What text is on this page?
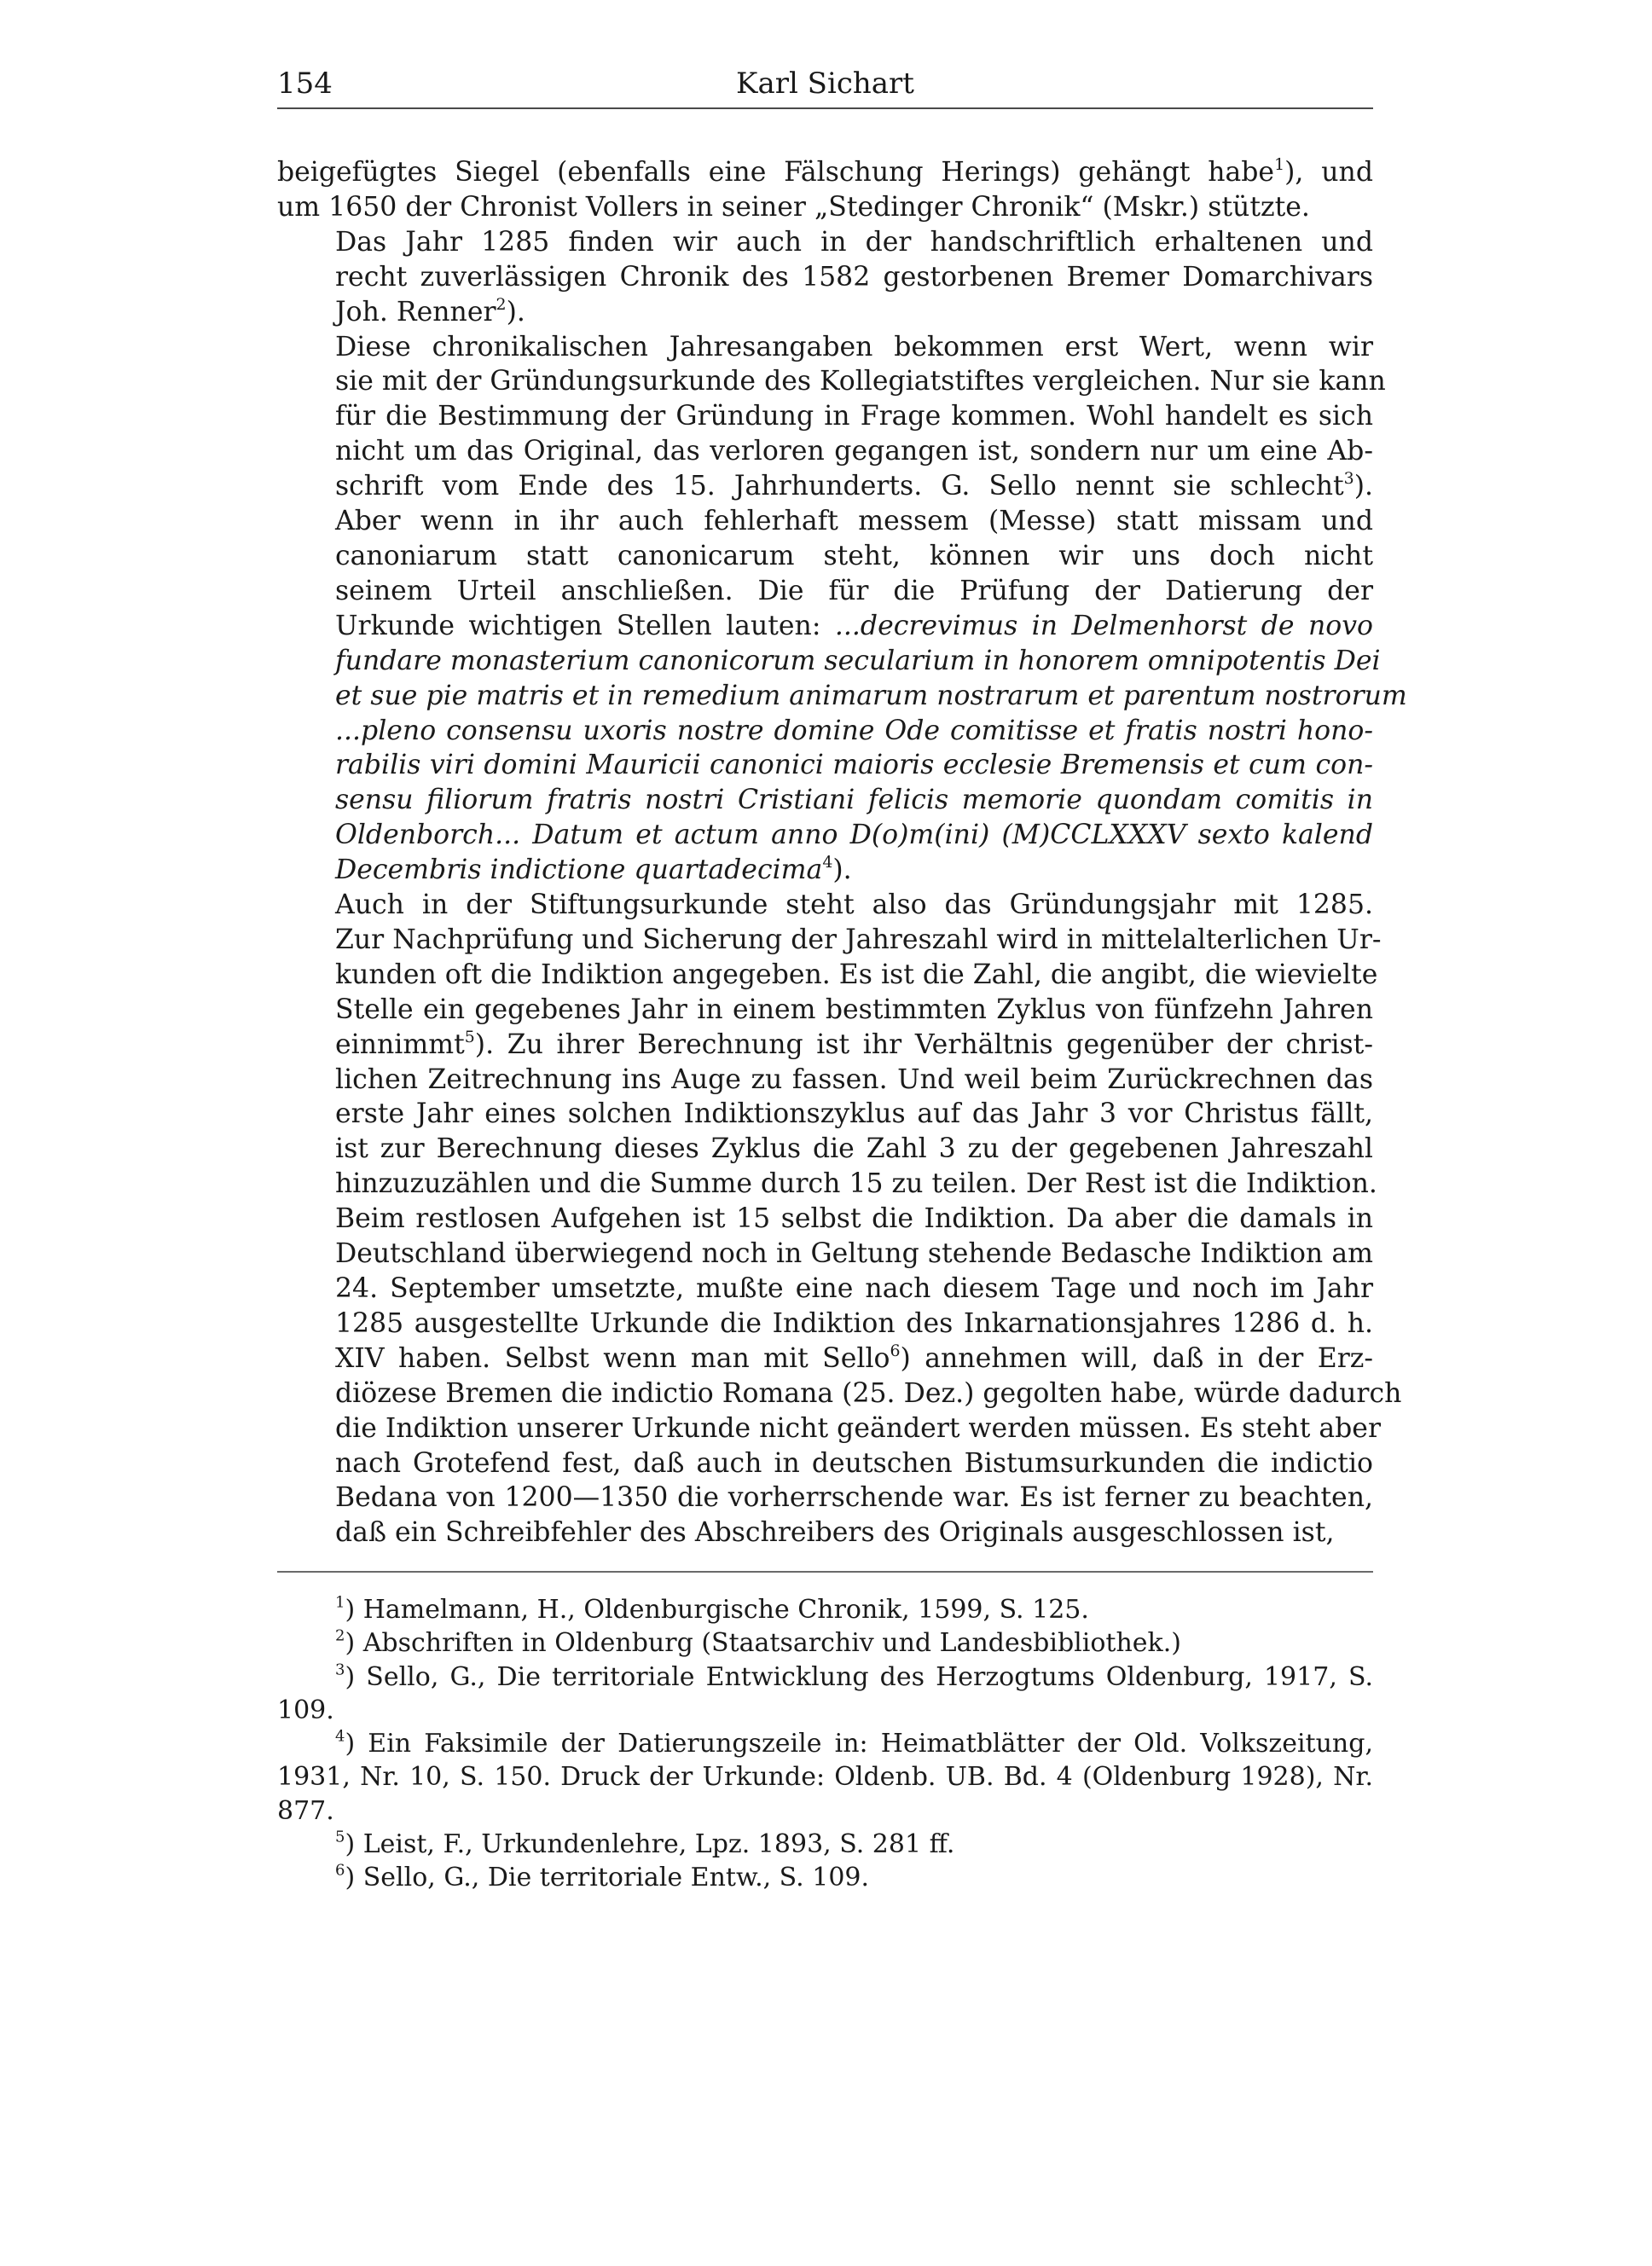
154	Karl Sichart

beigefügtes Siegel (ebenfalls eine Fälschung Herings) gehängt habe$^1$), und
um 1650 der Chronist Vollers in seiner „Stedinger Chronik“ (Mskr.) stützte.

Das Jahr 1285 finden wir auch in der handschriftlich erhaltenen und
recht zuverlässigen Chronik des 1582 gestorbenen Bremer Domarchivars
Joh. Renner$^2$).

Diese chronikalischen Jahresangaben bekommen erst Wert, wenn wir
sie mit der Gründungsurkunde des Kollegiatstiftes vergleichen. Nur sie kann
für die Bestimmung der Gründung in Frage kommen. Wohl handelt es sich
nicht um das Original, das verloren gegangen ist, sondern nur um eine Ab-
schrift vom Ende des 15. Jahrhunderts. G. Sello nennt sie schlecht$^3$).
Aber wenn in ihr auch fehlerhaft messem (Messe) statt missam und
canoniarum statt canonicarum steht, können wir uns doch nicht
seinem Urteil anschließen. Die für die Prüfung der Datierung der
Urkunde wichtigen Stellen lauten: ...decrevimus in Delmenhorst de novo
fundare monasterium canonicorum secularium in honorem omnipotentis Dei
et sue pie matris et in remedium animarum nostrarum et parentum nostrorum
...pleno consensu uxoris nostre domine Ode comitisse et fratis nostri hono-
rabilis viri domini Mauricii canonici maioris ecclesie Bremensis et cum con-
sensu filiorum fratris nostri Cristiani felicis memorie quondam comitis in
Oldenborch... Datum et actum anno D(o)m(ini) (M)CCLXXXV sexto kalend
Decembris indictione quartadecima$^4$).

Auch in der Stiftungsurkunde steht also das Gründungsjahr mit 1285.
Zur Nachprüfung und Sicherung der Jahreszahl wird in mittelalterlichen Ur-
kunden oft die Indiktion angegeben. Es ist die Zahl, die angibt, die wievielte
Stelle ein gegebenes Jahr in einem bestimmten Zyklus von fünfzehn Jahren
einnimmt$^5$). Zu ihrer Berechnung ist ihr Verhältnis gegenüber der christ-
lichen Zeitrechnung ins Auge zu fassen. Und weil beim Zurückrechnen das
erste Jahr eines solchen Indiktionszyklus auf das Jahr 3 vor Christus fällt,
ist zur Berechnung dieses Zyklus die Zahl 3 zu der gegebenen Jahreszahl
hinzuzuzählen und die Summe durch 15 zu teilen. Der Rest ist die Indiktion.
Beim restlosen Aufgehen ist 15 selbst die Indiktion. Da aber die damals in
Deutschland überwiegend noch in Geltung stehende Bedasche Indiktion am
24. September umsetzte, mußte eine nach diesem Tage und noch im Jahr
1285 ausgestellte Urkunde die Indiktion des Inkarnationsjahres 1286 d. h.
XIV haben. Selbst wenn man mit Sello$^6$) annehmen will, daß in der Erz-
diözese Bremen die indictio Romana (25. Dez.) gegolten habe, würde dadurch
die Indiktion unserer Urkunde nicht geändert werden müssen. Es steht aber
nach Grotefend fest, daß auch in deutschen Bistumsurkunden die indictio
Bedana von 1200—1350 die vorherrschende war. Es ist ferner zu beachten,
daß ein Schreibfehler des Abschreibers des Originals ausgeschlossen ist,

$^1$) Hamelmann, H., Oldenburgische Chronik, 1599, S. 125.

$^2$) Abschriften in Oldenburg (Staatsarchiv und Landesbibliothek.)

$^3$) Sello, G., Die territoriale Entwicklung des Herzogtums Oldenburg, 1917, S. 109.

$^4$) Ein Faksimile der Datierungszeile in: Heimatblätter der Old. Volkszeitung, 1931, Nr. 10, S. 150. Druck der Urkunde: Oldenb. UB. Bd. 4 (Oldenburg 1928), Nr. 877.

$^5$) Leist, F., Urkundenlehre, Lpz. 1893, S. 281 ff.

$^6$) Sello, G., Die territoriale Entw., S. 109.
